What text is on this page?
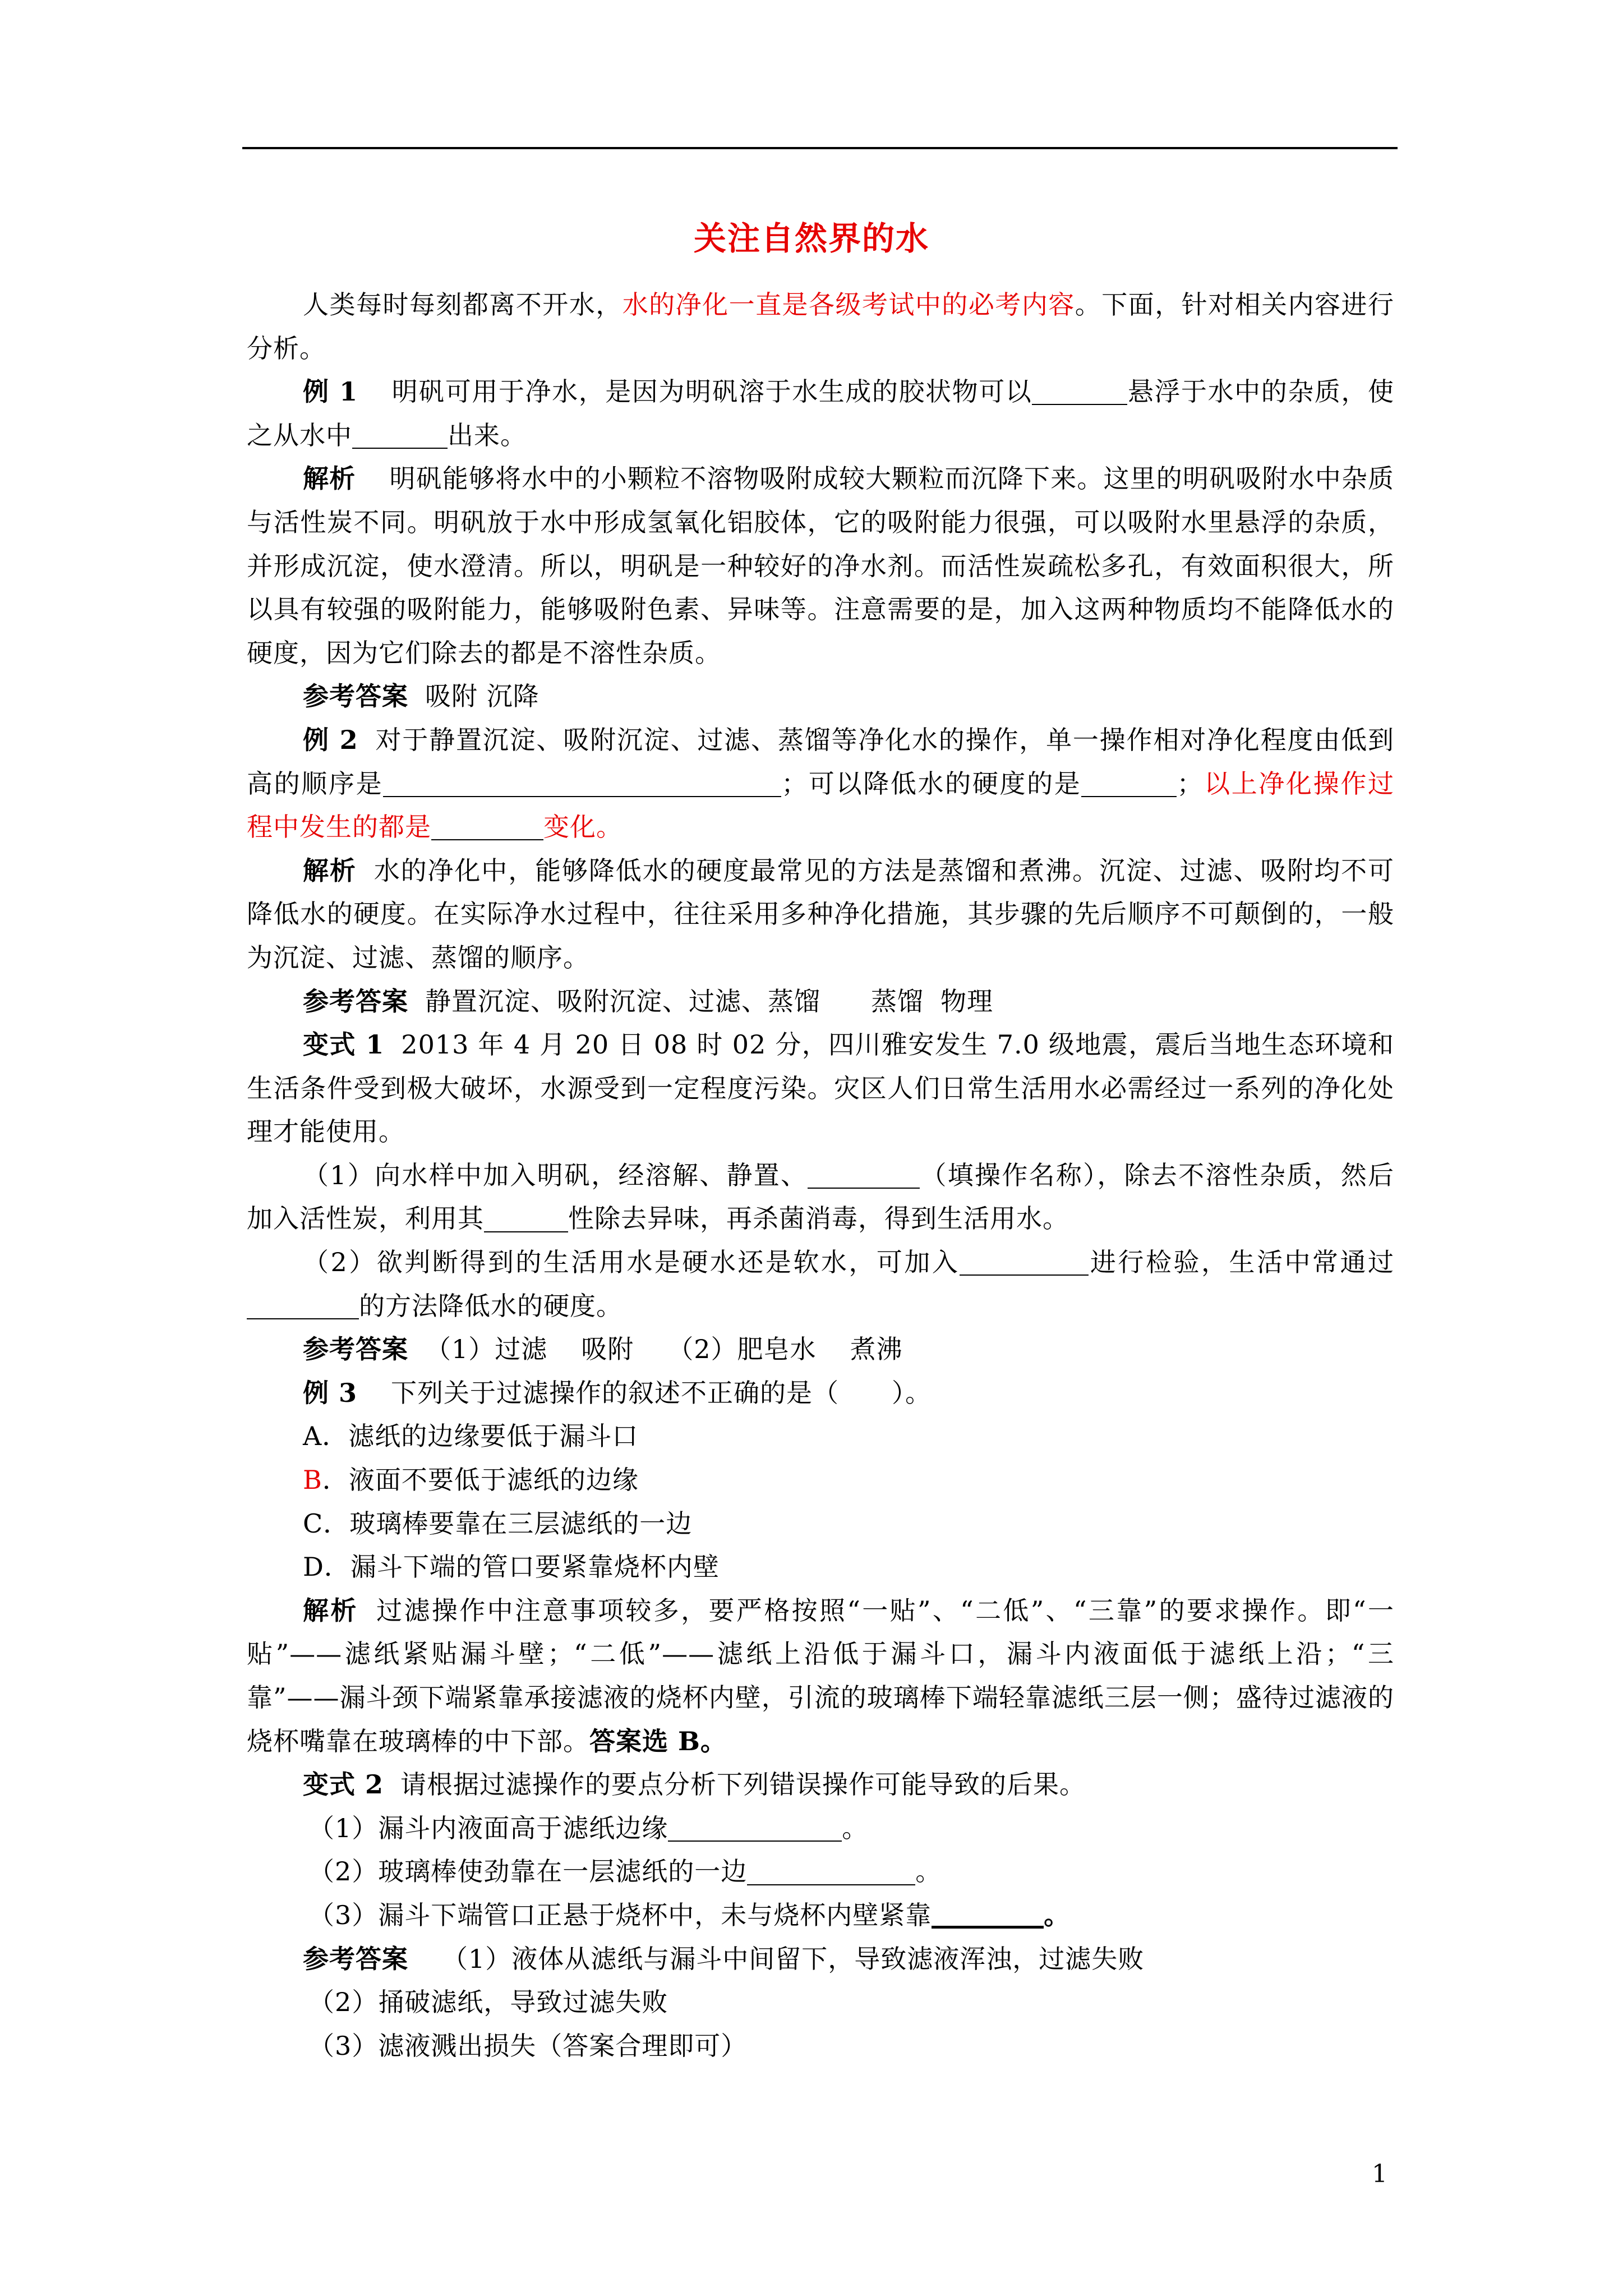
关注自然界的水

人类每时每刻都离不开水，水的净化一直是各级考试中的必考内容。下面，针对相关内容进行分析。

例 1 明矾可用于净水，是因为明矾溶于水生成的胶状物可以	悬浮于水中的杂质，使之从水中	出来。

解析 明矾能够将水中的小颗粒不溶物吸附成较大颗粒而沉降下来。这里的明矾吸附水中杂质与活性炭不同。明矾放于水中形成氢氧化铝胶体，它的吸附能力很强，可以吸附水里悬浮的杂质，并形成沉淀，使水澄清。所以，明矾是一种较好的净水剂。而活性炭疏松多孔，有效面积很大，所以具有较强的吸附能力，能够吸附色素、异味等。注意需要的是，加入这两种物质均不能降低水的硬度，因为它们除去的都是不溶性杂质。

参考答案 吸附 沉降

例 2 对于静置沉淀、吸附沉淀、过滤、蒸馏等净化水的操作，单一操作相对净化程度由低到高的顺序是	；可以降低水的硬度的是	；以上净化操作过程中发生的都是	变化。

解析 水的净化中，能够降低水的硬度最常见的方法是蒸馏和煮沸。沉淀、过滤、吸附均不可降低水的硬度。在实际净水过程中，往往采用多种净化措施，其步骤的先后顺序不可颠倒的，一般为沉淀、过滤、蒸馏的顺序。

参考答案 静置沉淀、吸附沉淀、过滤、蒸馏 蒸馏 物理

变式 1 2013 年 4 月 20 日 08 时 02 分，四川雅安发生 7.0 级地震，震后当地生态环境和生活条件受到极大破坏，水源受到一定程度污染。灾区人们日常生活用水必需经过一系列的净化处理才能使用。

（1）向水样中加入明矾，经溶解、静置、	（填操作名称），除去不溶性杂质，然后加入活性炭，利用其	性除去异味，再杀菌消毒，得到生活用水。

（2）欲判断得到的生活用水是硬水还是软水，可加入	进行检验，生活中常通过的方法降低水的硬度。

参考答案 （1）过滤 吸附 （2）肥皂水 煮沸

例 3 下列关于过滤操作的叙述不正确的是（　　）。

A．滤纸的边缘要低于漏斗口

B．液面不要低于滤纸的边缘

C．玻璃棒要靠在三层滤纸的一边

D．漏斗下端的管口要紧靠烧杯内壁

解析 过滤操作中注意事项较多，要严格按照“一贴”、“二低”、“三靠”的要求操作。即“一贴”——滤纸紧贴漏斗壁；“二低”——滤纸上沿低于漏斗口，漏斗内液面低于滤纸上沿；“三靠”——漏斗颈下端紧靠承接滤液的烧杯内壁，引流的玻璃棒下端轻靠滤纸三层一侧；盛待过滤液的烧杯嘴靠在玻璃棒的中下部。答案选 B。

变式 2 请根据过滤操作的要点分析下列错误操作可能导致的后果。

（1）漏斗内液面高于滤纸边缘	。

（2）玻璃棒使劲靠在一层滤纸的一边	。

（3）漏斗下端管口正悬于烧杯中，未与烧杯内壁紧靠	。

参考答案 （1）液体从滤纸与漏斗中间留下，导致滤液浑浊，过滤失败

（2）捅破滤纸，导致过滤失败

（3）滤液溅出损失（答案合理即可）

1
